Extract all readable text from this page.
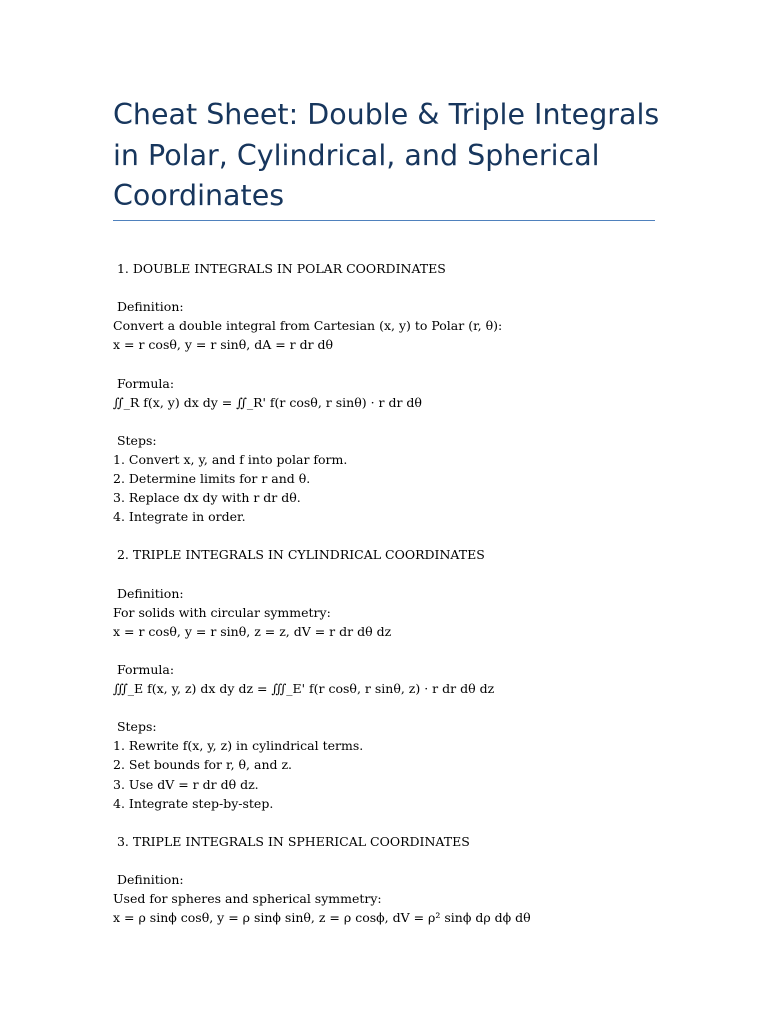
Cheat Sheet: Double & Triple Integrals in Polar, Cylindrical, and Spherical Coordinates
1. DOUBLE INTEGRALS IN POLAR COORDINATES
Definition:
Convert a double integral from Cartesian (x, y) to Polar (r, θ):
x = r cosθ, y = r sinθ, dA = r dr dθ
Formula:
∬_R f(x, y) dx dy = ∬_R' f(r cosθ, r sinθ) · r dr dθ
Steps:
1. Convert x, y, and f into polar form.
2. Determine limits for r and θ.
3. Replace dx dy with r dr dθ.
4. Integrate in order.
2. TRIPLE INTEGRALS IN CYLINDRICAL COORDINATES
Definition:
For solids with circular symmetry:
x = r cosθ, y = r sinθ, z = z, dV = r dr dθ dz
Formula:
∭_E f(x, y, z) dx dy dz = ∭_E' f(r cosθ, r sinθ, z) · r dr dθ dz
Steps:
1. Rewrite f(x, y, z) in cylindrical terms.
2. Set bounds for r, θ, and z.
3. Use dV = r dr dθ dz.
4. Integrate step-by-step.
3. TRIPLE INTEGRALS IN SPHERICAL COORDINATES
Definition:
Used for spheres and spherical symmetry:
x = ρ sinϕ cosθ, y = ρ sinϕ sinθ, z = ρ cosϕ, dV = ρ² sinϕ dρ dϕ dθ
